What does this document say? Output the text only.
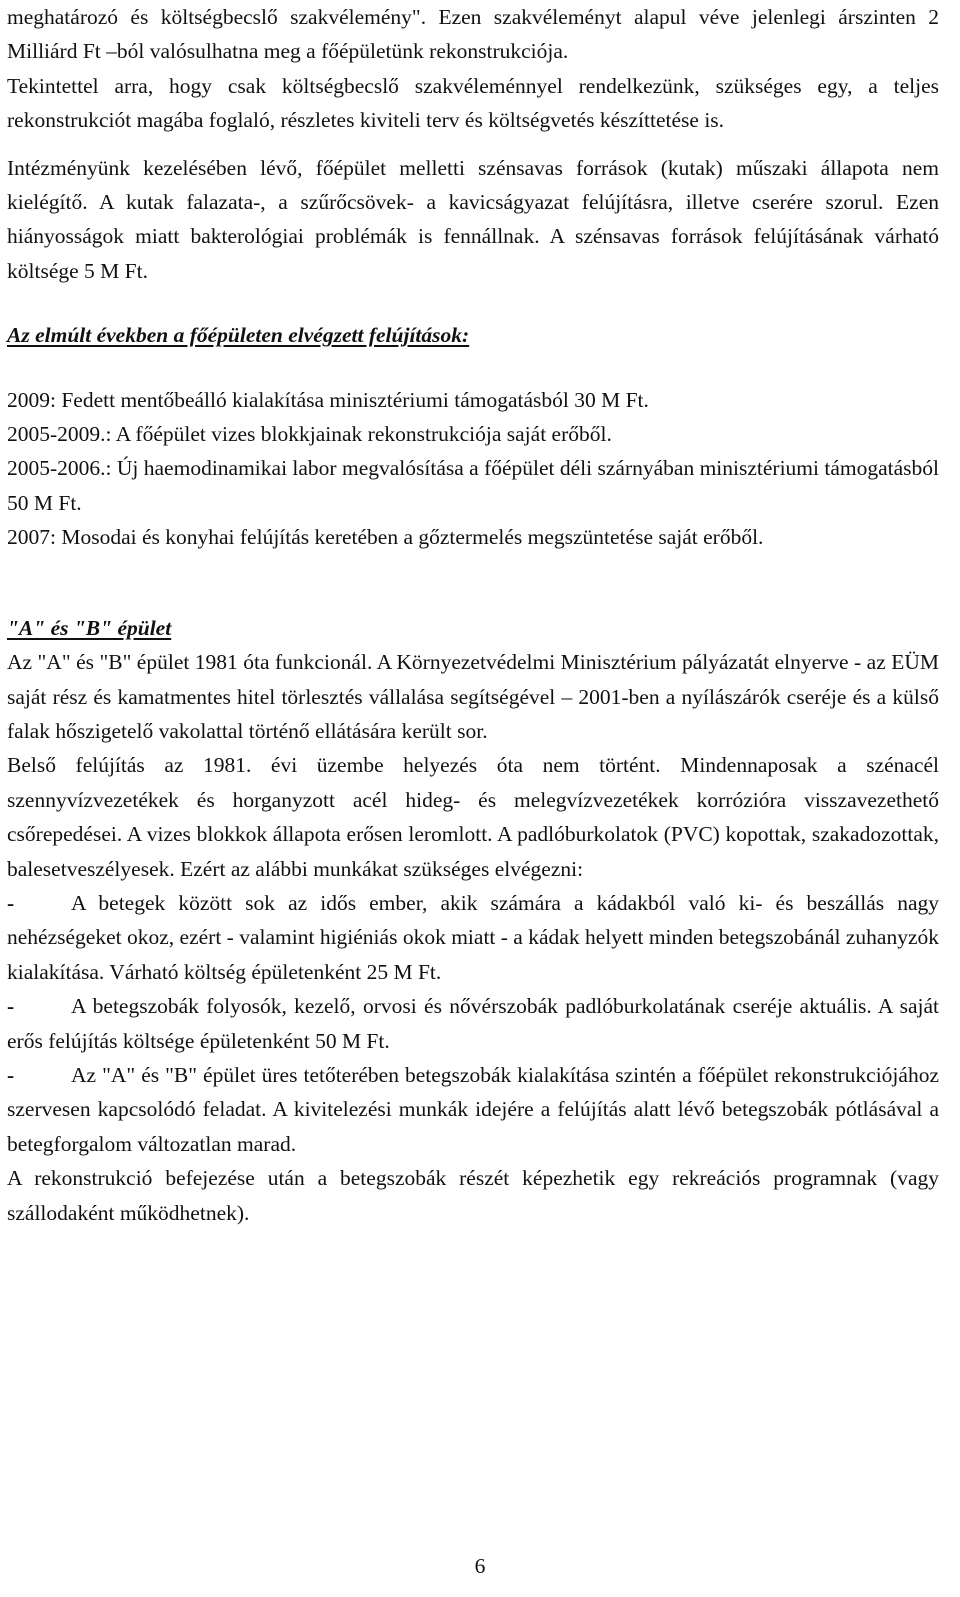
meghatározó és költségbecslő szakvélemény". Ezen szakvéleményt alapul véve jelenlegi árszinten 2 Milliárd Ft –ból valósulhatna meg a főépületünk rekonstrukciója.

Tekintettel arra, hogy csak költségbecslő szakvéleménnyel rendelkezünk, szükséges egy, a teljes rekonstrukciót magába foglaló, részletes kiviteli terv és költségvetés készíttetése is.

Intézményünk kezelésében lévő, főépület melletti szénsavas források (kutak) műszaki állapota nem kielégítő. A kutak falazata-, a szűrőcsövek- a kavicságyazat felújításra, illetve cserére szorul. Ezen hiányosságok miatt bakterológiai problémák is fennállnak. A szénsavas források felújításának várható költsége 5 M Ft.

Az elmúlt években a főépületen elvégzett felújítások:

2009: Fedett mentőbeálló kialakítása minisztériumi támogatásból 30 M Ft.

2005-2009.: A főépület vizes blokkjainak rekonstrukciója saját erőből.

2005-2006.: Új haemodinamikai labor megvalósítása a főépület déli szárnyában minisztériumi támogatásból 50 M Ft.

2007: Mosodai és konyhai felújítás keretében a gőztermelés megszüntetése saját erőből.

"A" és "B" épület

Az "A" és "B" épület 1981 óta funkcionál. A Környezetvédelmi Minisztérium pályázatát elnyerve - az EÜM saját rész és kamatmentes hitel törlesztés vállalása segítségével – 2001-ben a nyílászárók cseréje és a külső falak hőszigetelő vakolattal történő ellátására került sor.

Belső felújítás az 1981. évi üzembe helyezés óta nem történt. Mindennaposak a szénacél szennyvízvezetékek és horganyzott acél hideg- és melegvízvezetékek korrózióra visszavezethető csőrepedései. A vizes blokkok állapota erősen leromlott. A padlóburkolatok (PVC) kopottak, szakadozottak, balesetveszélyesek. Ezért az alábbi munkákat szükséges elvégezni:

-	A betegek között sok az idős ember, akik számára a kádakból való ki- és beszállás nagy nehézségeket okoz, ezért - valamint higiéniás okok miatt - a kádak helyett minden betegszobánál zuhanyzók kialakítása. Várható költség épületenként 25 M Ft.

-	A betegszobák folyosók, kezelő, orvosi és nővérszobák padlóburkolatának cseréje aktuális. A saját erős felújítás költsége épületenként 50 M Ft.

-	Az "A" és "B" épület üres tetőterében betegszobák kialakítása szintén a főépület rekonstrukciójához szervesen kapcsolódó feladat. A kivitelezési munkák idejére a felújítás alatt lévő betegszobák pótlásával a betegforgalom változatlan marad.

A rekonstrukció befejezése után a betegszobák részét képezhetik egy rekreációs programnak (vagy szállodaként működhetnek).

6
